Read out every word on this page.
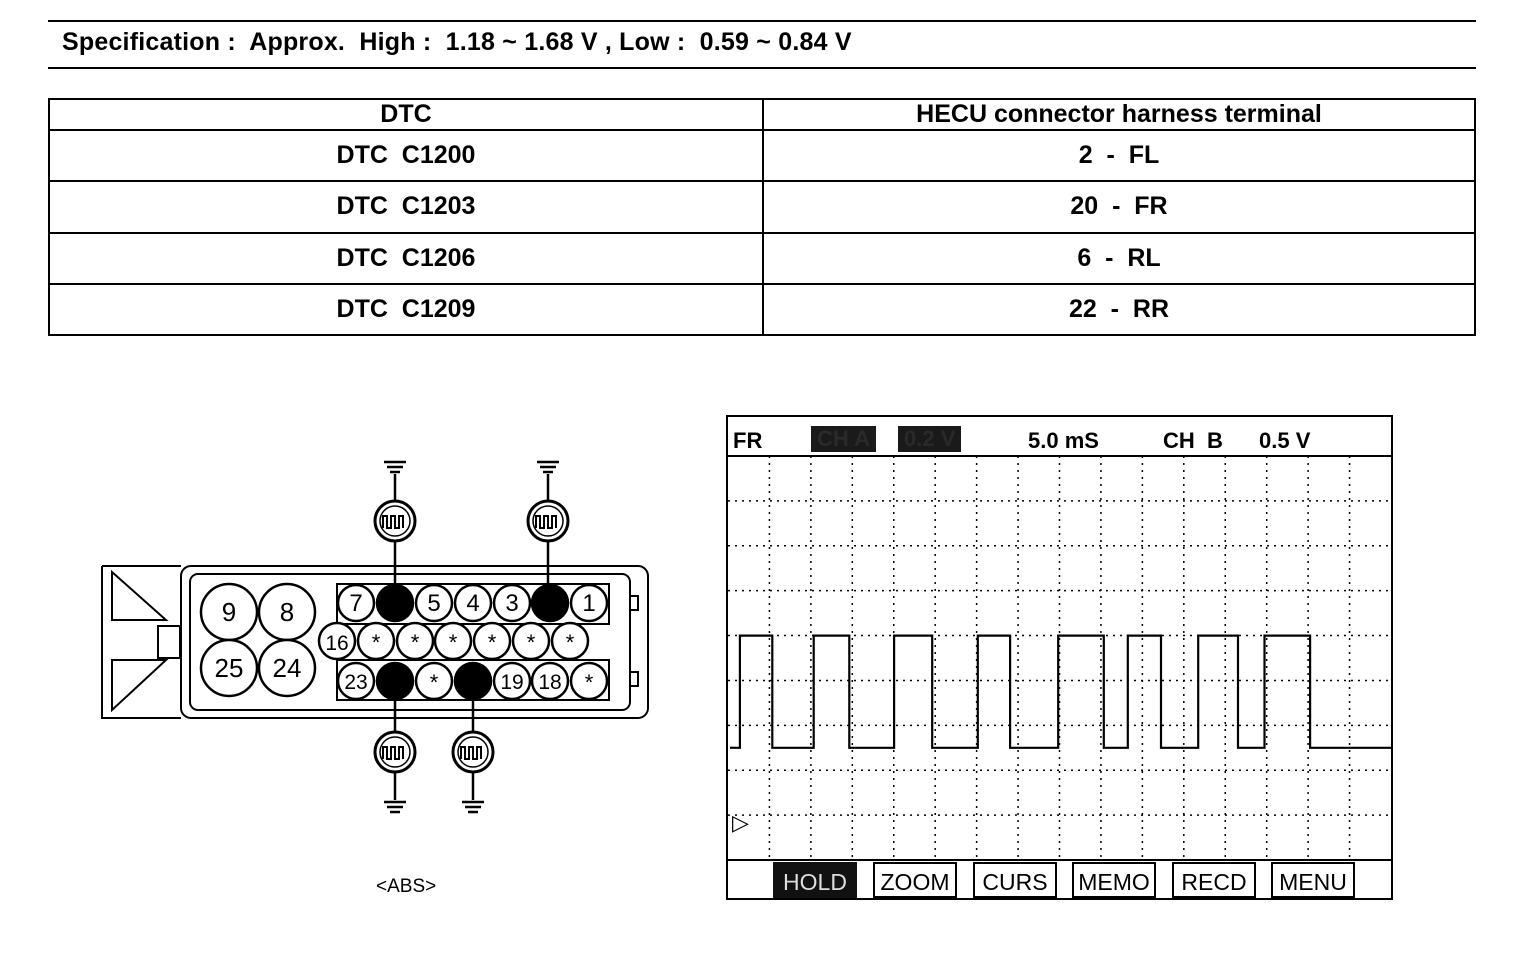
Specification :  Approx.  High :  1.18 ~ 1.68 V , Low :  0.59 ~ 0.84 V
DTC	HECU connector harness terminal
DTC  C1200	2  -  FL
DTC  C1203	20  -  FR
DTC  C1206	6  -  RL
DTC  C1209	22  -  RR
9 8
25 24
7	5 4 3	1
16 * * * * * *
23	*	19 18 *
<ABS>
▷
FR CH A 0.2 V	5.0 mS	CH  B 0.5 V
HOLD	ZOOM	CURS	MEMO	RECD	MENU
